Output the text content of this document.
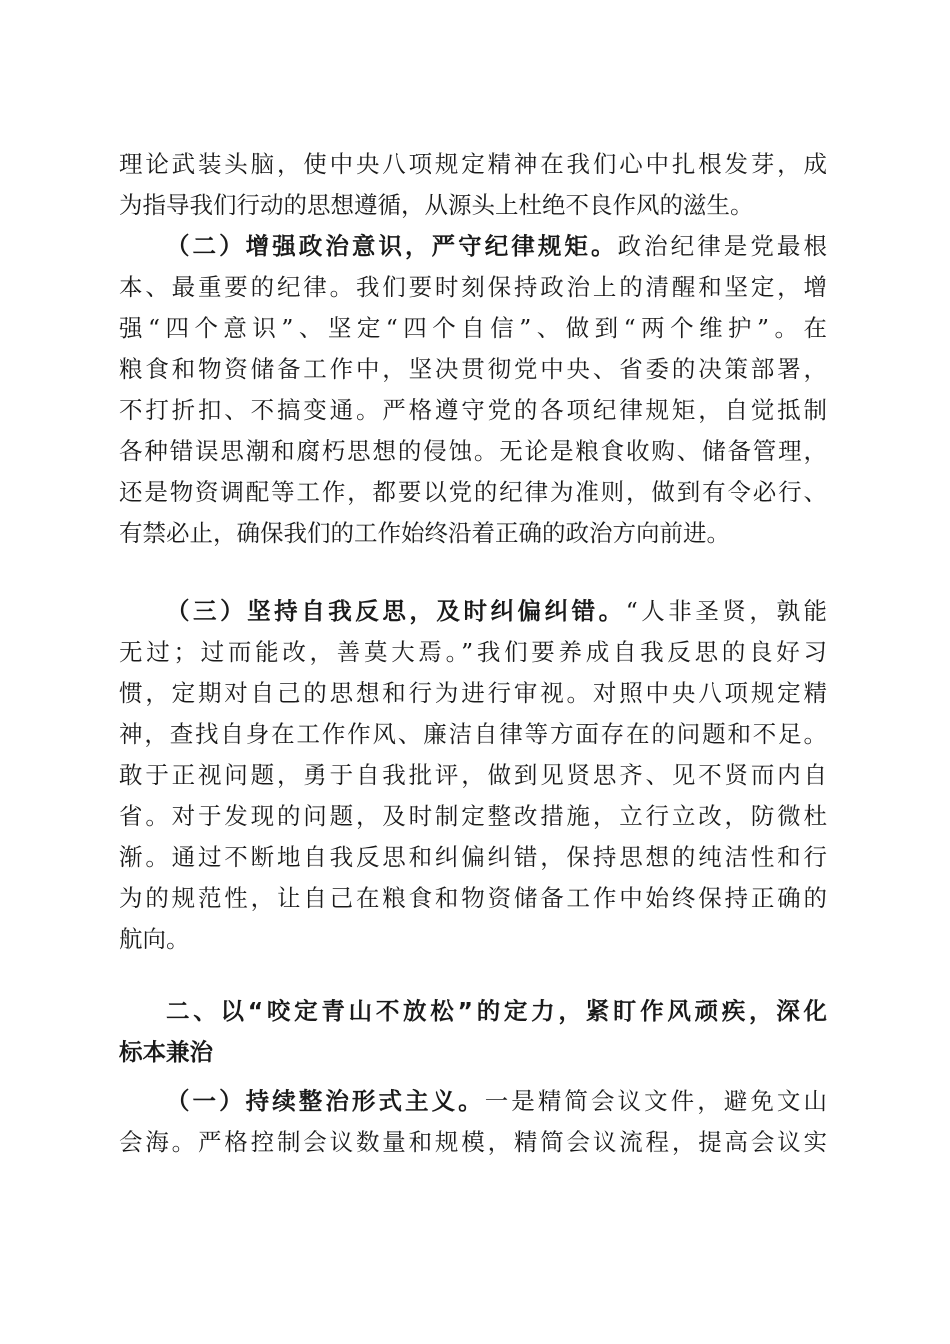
理论武装头脑，使中央八项规定精神在我们心中扎根发芽，成
为指导我们行动的思想遵循，从源头上杜绝不良作风的滋生。
（二）增强政治意识，严守纪律规矩。政治纪律是党最根
本、最重要的纪律。我们要时刻保持政治上的清醒和坚定，增
强“四个意识”、坚定“四个自信”、做到“两个维护”。在
粮食和物资储备工作中，坚决贯彻党中央、省委的决策部署，
不打折扣、不搞变通。严格遵守党的各项纪律规矩，自觉抵制
各种错误思潮和腐朽思想的侵蚀。无论是粮食收购、储备管理，
还是物资调配等工作，都要以党的纪律为准则，做到有令必行、
有禁必止，确保我们的工作始终沿着正确的政治方向前进。
（三）坚持自我反思，及时纠偏纠错。“人非圣贤，孰能
无过；过而能改，善莫大焉。”我们要养成自我反思的良好习
惯，定期对自己的思想和行为进行审视。对照中央八项规定精
神，查找自身在工作作风、廉洁自律等方面存在的问题和不足。
敢于正视问题，勇于自我批评，做到见贤思齐、见不贤而内自
省。对于发现的问题，及时制定整改措施，立行立改，防微杜
渐。通过不断地自我反思和纠偏纠错，保持思想的纯洁性和行
为的规范性，让自己在粮食和物资储备工作中始终保持正确的
航向。
二、以“咬定青山不放松”的定力，紧盯作风顽疾，深化
标本兼治
（一）持续整治形式主义。一是精简会议文件，避免文山
会海。严格控制会议数量和规模，精简会议流程，提高会议实
